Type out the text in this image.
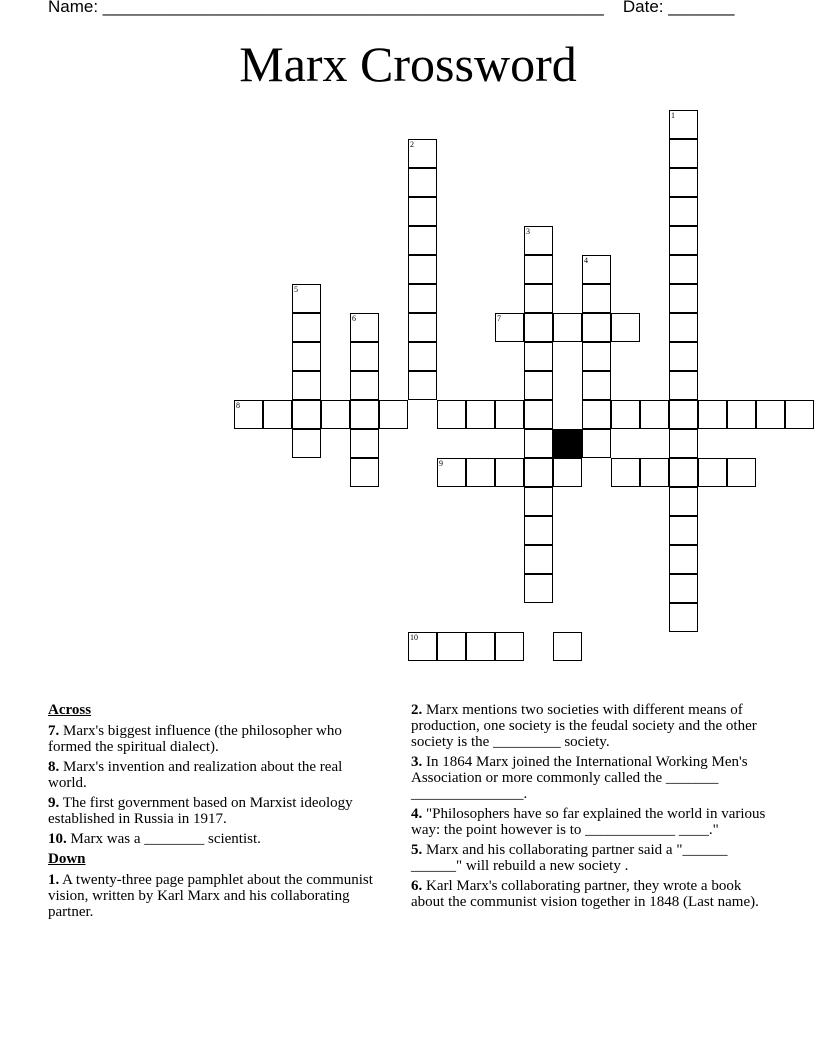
Name: _____________________________________________________ Date: _______
Marx Crossword
1
2
3
4
5
6	7
8
9
10
Across
7. Marx's biggest influence (the philosopher who formed the spiritual dialect).
8. Marx's invention and realization about the real world.
9. The first government based on Marxist ideology established in Russia in 1917.
10. Marx was a ________ scientist.
Down
1. A twenty-three page pamphlet about the communist vision, written by Karl Marx and his collaborating partner.
2. Marx mentions two societies with different means of production, one society is the feudal society and the other society is the _________ society.
3. In 1864 Marx joined the International Working Men's Association or more commonly called the _______ _______________.
4. "Philosophers have so far explained the world in various way: the point however is to ____________ ____."
5. Marx and his collaborating partner said a "______ ______" will rebuild a new society .
6. Karl Marx's collaborating partner, they wrote a book about the communist vision together in 1848 (Last name).
